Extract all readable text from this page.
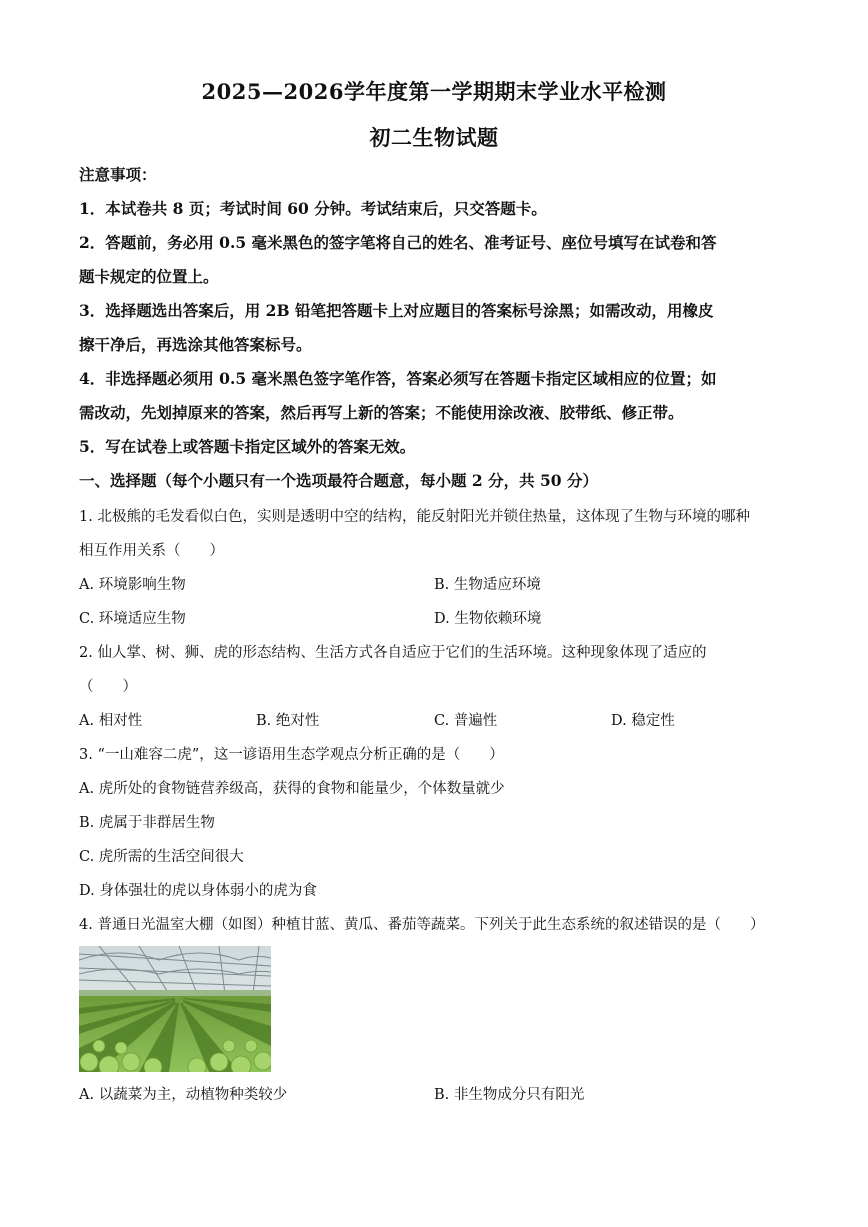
2025—2026学年度第一学期期末学业水平检测
初二生物试题
注意事项：
1．本试卷共 8 页；考试时间 60 分钟。考试结束后，只交答题卡。
2．答题前，务必用 0.5 毫米黑色的签字笔将自己的姓名、准考证号、座位号填写在试卷和答
题卡规定的位置上。
3．选择题选出答案后，用 2B 铅笔把答题卡上对应题目的答案标号涂黑；如需改动，用橡皮
擦干净后，再选涂其他答案标号。
4．非选择题必须用 0.5 毫米黑色签字笔作答，答案必须写在答题卡指定区域相应的位置；如
需改动，先划掉原来的答案，然后再写上新的答案；不能使用涂改液、胶带纸、修正带。
5．写在试卷上或答题卡指定区域外的答案无效。
一、选择题（每个小题只有一个选项最符合题意，每小题 2 分，共 50 分）
1. 北极熊的毛发看似白色，实则是透明中空的结构，能反射阳光并锁住热量，这体现了生物与环境的哪种
相互作用关系（　　）
A. 环境影响生物	B. 生物适应环境
C. 环境适应生物	D. 生物依赖环境
2. 仙人掌、树、狮、虎的形态结构、生活方式各自适应于它们的生活环境。这种现象体现了适应的
（　　）
A. 相对性	B. 绝对性	C. 普遍性	D. 稳定性
3. “一山难容二虎”，这一谚语用生态学观点分析正确的是（　　）
A. 虎所处的食物链营养级高，获得的食物和能量少，个体数量就少
B. 虎属于非群居生物
C. 虎所需的生活空间很大
D. 身体强壮的虎以身体弱小的虎为食
4. 普通日光温室大棚（如图）种植甘蓝、黄瓜、番茄等蔬菜。下列关于此生态系统的叙述错误的是（　　）
A. 以蔬菜为主，动植物种类较少	B. 非生物成分只有阳光
